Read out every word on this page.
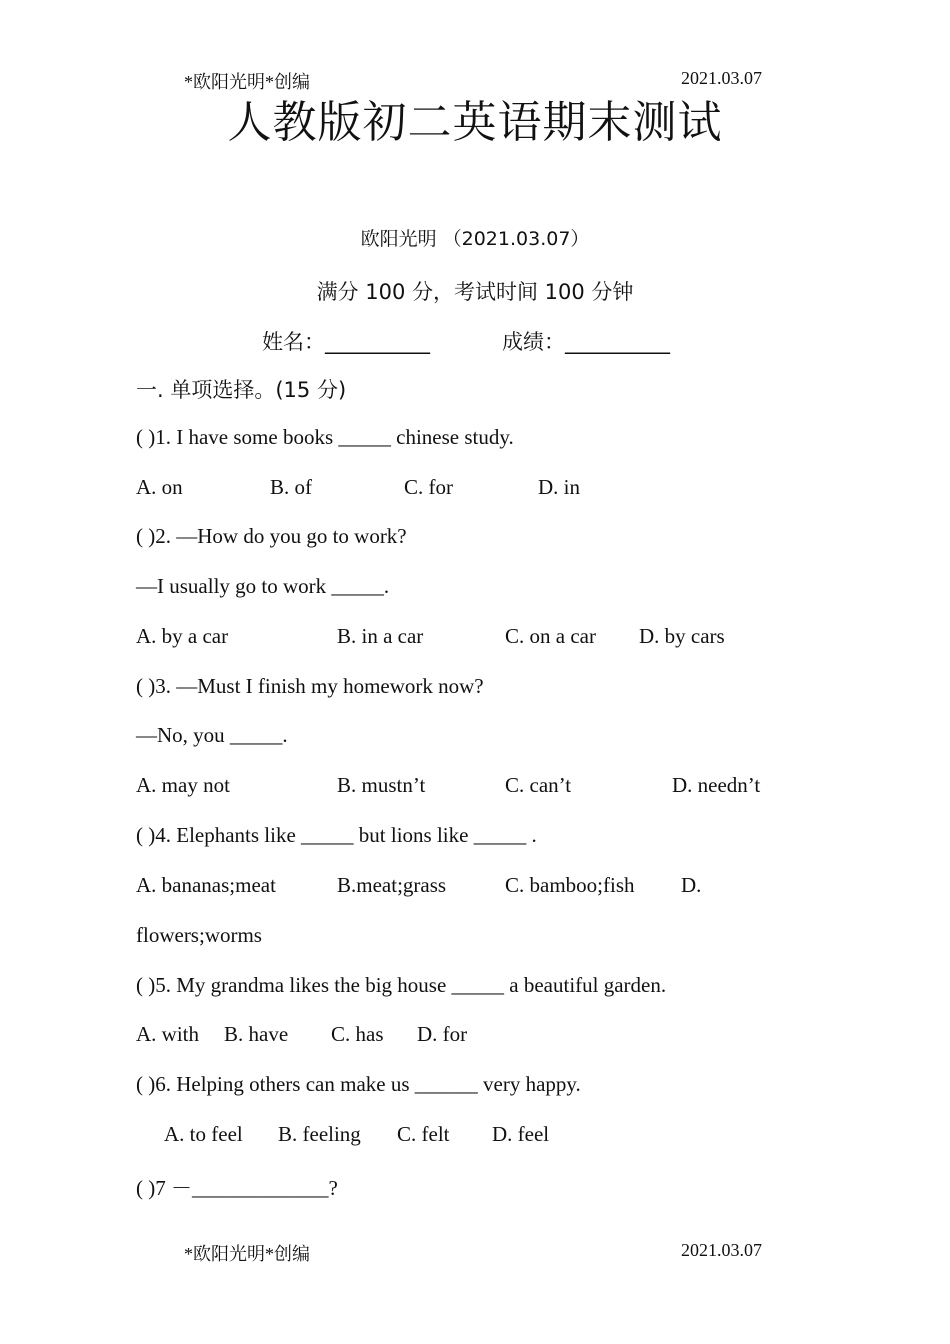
*欧阳光明*创编	2021.03.07
人教版初二英语期末测试
欧阳光明 （2021.03.07）
满分 100 分，考试时间 100 分钟
姓名：__________	成绩：__________
一. 单项选择。(15 分)
( )1. I have some books _____ chinese study.
A. on	B. of	C. for	D. in
( )2. —How do you go to work?
—I usually go to work _____.
A. by a car	B. in a car	C. on a car D. by cars
( )3. —Must I finish my homework now?
—No, you _____.
A. may not	B. mustn’t	C. can’t	D. needn’t
( )4. Elephants like _____ but lions like _____ .
A. bananas;meat	B.meat;grass	C. bamboo;fish D.
flowers;worms
( )5. My grandma likes the big house _____ a beautiful garden.
A. with B. have C. has D. for
( )6. Helping others can make us ______ very happy.
A. to feel B. feeling C. felt D. feel
( )7 －_____________?
*欧阳光明*创编	2021.03.07
